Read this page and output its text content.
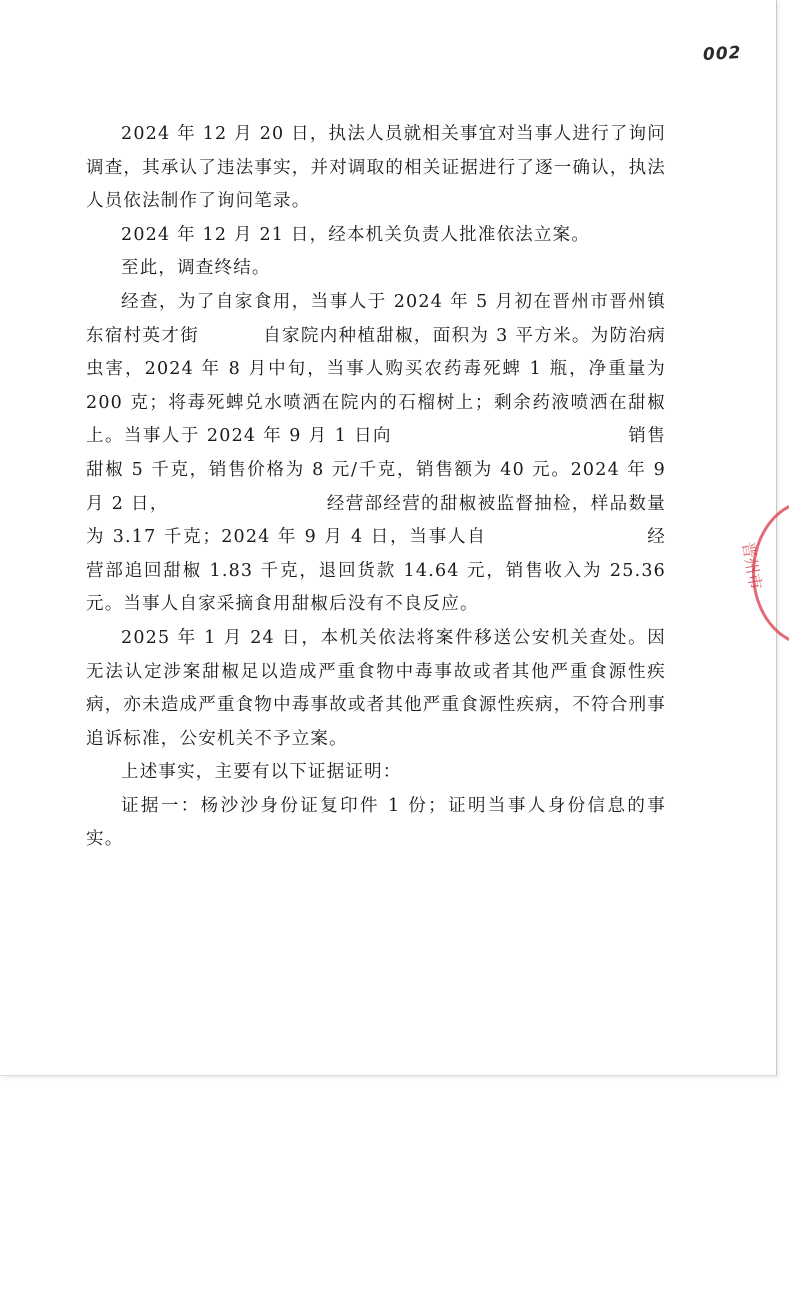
002

2024 年 12 月 20 日，执法人员就相关事宜对当事人进行了询问调查，其承认了违法事实，并对调取的相关证据进行了逐一确认，执法人员依法制作了询问笔录。

2024 年 12 月 21 日，经本机关负责人批准依法立案。

至此，调查终结。

经查，为了自家食用，当事人于 2024 年 5 月初在晋州市晋州镇东宿村英才街	自家院内种植甜椒，面积为 3 平方米。为防治病虫害，2024 年 8 月中旬，当事人购买农药毒死蜱 1 瓶，净重量为 200 克；将毒死蜱兑水喷洒在院内的石榴树上；剩余药液喷洒在甜椒上。当事人于 2024 年 9 月 1 日向	销售甜椒 5 千克，销售价格为 8 元/千克，销售额为 40 元。2024 年 9 月 2 日，	经营部经营的甜椒被监督抽检，样品数量为 3.17 千克；2024 年 9 月 4 日，当事人自	经营部追回甜椒 1.83 千克，退回货款 14.64 元，销售收入为 25.36 元。当事人自家采摘食用甜椒后没有不良反应。

2025 年 1 月 24 日，本机关依法将案件移送公安机关查处。因无法认定涉案甜椒足以造成严重食物中毒事故或者其他严重食源性疾病，亦未造成严重食物中毒事故或者其他严重食源性疾病，不符合刑事追诉标准，公安机关不予立案。

上述事实，主要有以下证据证明：

证据一：杨沙沙身份证复印件 1 份；证明当事人身份信息的事实。

晋州市
